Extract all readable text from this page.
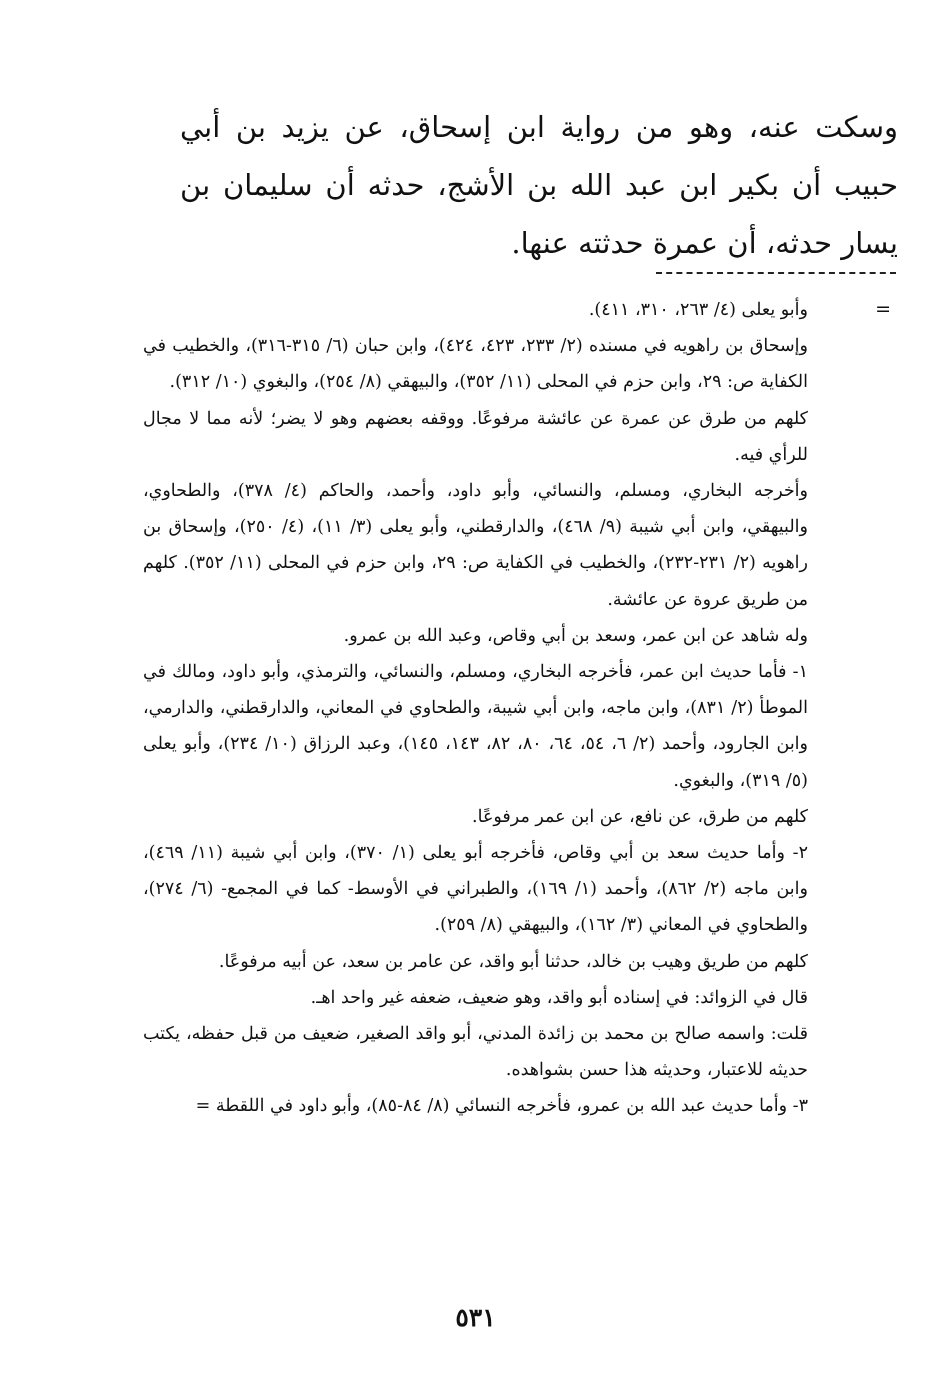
وسكت عنه، وهو من رواية ابن إسحاق، عن يزيد بن أبي حبيب أن بكير ابن عبد الله بن الأشج، حدثه أن سليمان بن يسار حدثه، أن عمرة حدثته عنها.

=

وأبو يعلى (٤/ ٢٦٣، ٣١٠، ٤١١).

وإسحاق بن راهويه في مسنده (٢/ ٢٣٣، ٤٢٣، ٤٢٤)، وابن حبان (٦/ ٣١٥-٣١٦)، والخطيب في الكفاية ص: ٢٩، وابن حزم في المحلى (١١/ ٣٥٢)، والبيهقي (٨/ ٢٥٤)، والبغوي (١٠/ ٣١٢).

كلهم من طرق عن عمرة عن عائشة مرفوعًا. ووقفه بعضهم وهو لا يضر؛ لأنه مما لا مجال للرأي فيه.

وأخرجه البخاري، ومسلم، والنسائي، وأبو داود، وأحمد، والحاكم (٤/ ٣٧٨)، والطحاوي، والبيهقي، وابن أبي شيبة (٩/ ٤٦٨)، والدارقطني، وأبو يعلى (٣/ ١١)، (٤/ ٢٥٠)، وإسحاق بن راهويه (٢/ ٢٣١-٢٣٢)، والخطيب في الكفاية ص: ٢٩، وابن حزم في المحلى (١١/ ٣٥٢). كلهم من طريق عروة عن عائشة.

وله شاهد عن ابن عمر، وسعد بن أبي وقاص، وعبد الله بن عمرو.

١- فأما حديث ابن عمر، فأخرجه البخاري، ومسلم، والنسائي، والترمذي، وأبو داود، ومالك في الموطأ (٢/ ٨٣١)، وابن ماجه، وابن أبي شيبة، والطحاوي في المعاني، والدارقطني، والدارمي، وابن الجارود، وأحمد (٢/ ٦، ٥٤، ٦٤، ٨٠، ٨٢، ١٤٣، ١٤٥)، وعبد الرزاق (١٠/ ٢٣٤)، وأبو يعلى (٥/ ٣١٩)، والبغوي.

كلهم من طرق، عن نافع، عن ابن عمر مرفوعًا.

٢- وأما حديث سعد بن أبي وقاص، فأخرجه أبو يعلى (١/ ٣٧٠)، وابن أبي شيبة (١١/ ٤٦٩)، وابن ماجه (٢/ ٨٦٢)، وأحمد (١/ ١٦٩)، والطبراني في الأوسط- كما في المجمع- (٦/ ٢٧٤)، والطحاوي في المعاني (٣/ ١٦٢)، والبيهقي (٨/ ٢٥٩).

كلهم من طريق وهيب بن خالد، حدثنا أبو واقد، عن عامر بن سعد، عن أبيه مرفوعًا.

قال في الزوائد: في إسناده أبو واقد، وهو ضعيف، ضعفه غير واحد اهـ.

قلت: واسمه صالح بن محمد بن زائدة المدني، أبو واقد الصغير، ضعيف من قبل حفظه، يكتب حديثه للاعتبار، وحديثه هذا حسن بشواهده.

٣- وأما حديث عبد الله بن عمرو، فأخرجه النسائي (٨/ ٨٤-٨٥)، وأبو داود في اللقطة =

٥٣١
